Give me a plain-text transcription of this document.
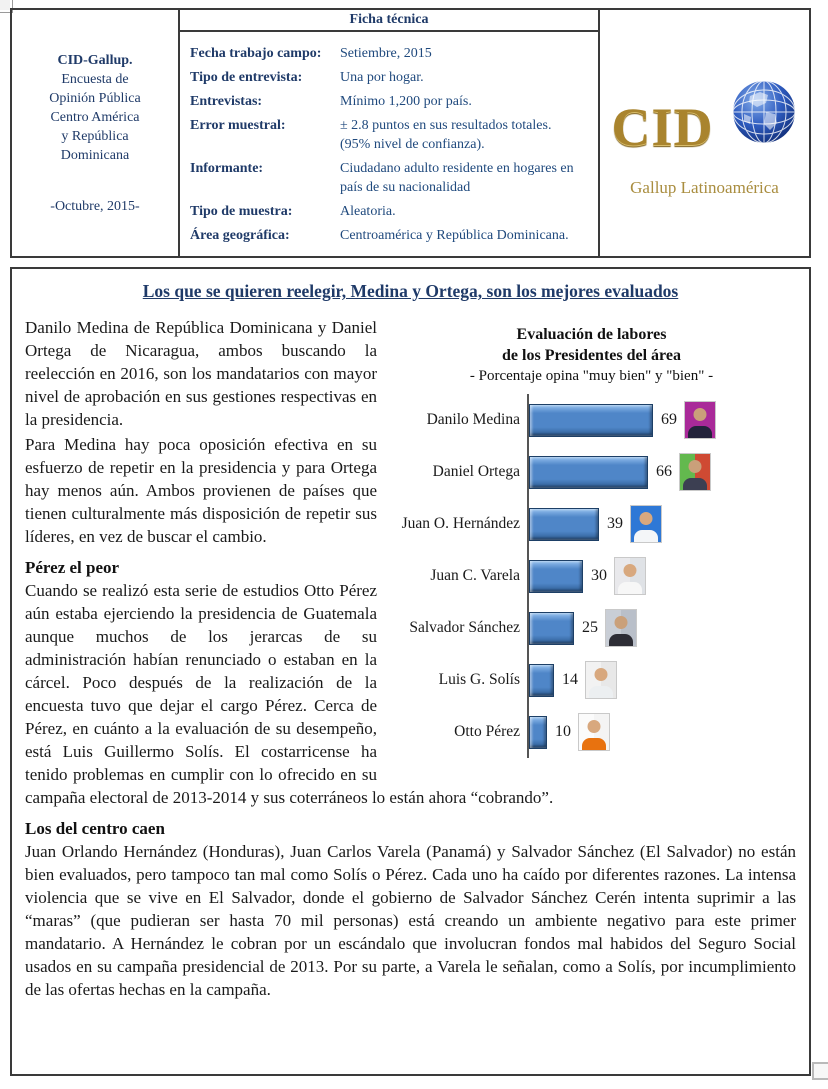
CID-Gallup.
Encuesta de
Opinión Pública
Centro América
y República
Dominicana
-Octubre, 2015-
Ficha técnica
Fecha trabajo campo:	Setiembre, 2015
Tipo de entrevista:	Una por hogar.
Entrevistas:	Mínimo 1,200 por país.
Error muestral:	± 2.8 puntos en sus resultados totales. (95% nivel de confianza).
Informante:	Ciudadano adulto residente en hogares en país de su nacionalidad
Tipo de muestra:	Aleatoria.
Área geográfica:	Centroamérica y República Dominicana.
CID
Gallup Latinoamérica
Los que se quieren reelegir, Medina y Ortega, son los mejores evaluados
Evaluación de labores
de los Presidentes del área
- Porcentaje opina "muy bien" y "bien" -
Danilo Medina	69
Daniel Ortega	66
Juan O. Hernández	39
Juan C. Varela	30
Salvador Sánchez	25
Luis G. Solís	14
Otto Pérez	10

Danilo Medina de República Dominicana y Daniel Ortega de Nicaragua, ambos buscando la reelección en 2016, son los mandatarios con mayor nivel de aprobación en sus gestiones respectivas en la presidencia.

Para Medina hay poca oposición efectiva en su esfuerzo de repetir en la presidencia y para Ortega hay menos aún. Ambos provienen de países que tienen culturalmente más disposición de repetir sus líderes, en vez de buscar el cambio.

Pérez el peor

Cuando se realizó esta serie de estudios Otto Pérez aún estaba ejerciendo la presidencia de Guatemala aunque muchos de los jerarcas de su administración habían renunciado o estaban en la cárcel. Poco después de la realización de la encuesta tuvo que dejar el cargo Pérez. Cerca de Pérez, en cuánto a la evaluación de su desempeño, está Luis Guillermo Solís. El costarricense ha tenido problemas en cumplir con lo ofrecido en su campaña electoral de 2013-2014 y sus coterráneos lo están ahora “cobrando”.

Los del centro caen

Juan Orlando Hernández (Honduras), Juan Carlos Varela (Panamá) y Salvador Sánchez (El Salvador) no están bien evaluados, pero tampoco tan mal como Solís o Pérez. Cada uno ha caído por diferentes razones. La intensa violencia que se vive en El Salvador, donde el gobierno de Salvador Sánchez Cerén intenta suprimir a las “maras” (que pudieran ser hasta 70 mil personas) está creando un ambiente negativo para este primer mandatario. A Hernández le cobran por un escándalo que involucran fondos mal habidos del Seguro Social usados en su campaña presidencial de 2013. Por su parte, a Varela le señalan, como a Solís, por incumplimiento de las ofertas hechas en la campaña.
